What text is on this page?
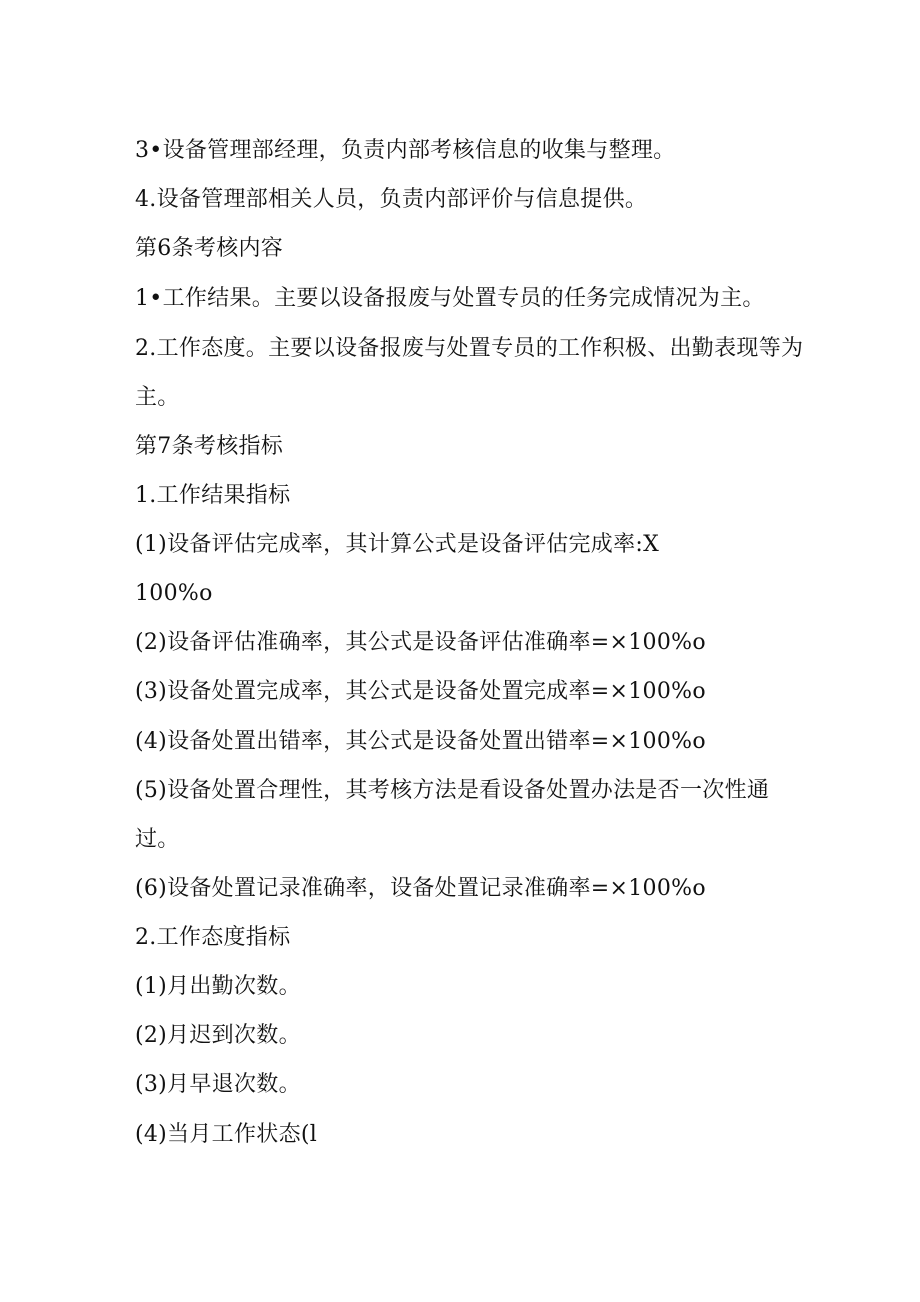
3•设备管理部经理，负责内部考核信息的收集与整理。

4.设备管理部相关人员，负责内部评价与信息提供。

第6条考核内容

1•工作结果。主要以设备报废与处置专员的任务完成情况为主。

2.工作态度。主要以设备报废与处置专员的工作积极、出勤表现等为

主。

第7条考核指标

1.工作结果指标

(1)设备评估完成率，其计算公式是设备评估完成率:X

100%o

(2)设备评估准确率，其公式是设备评估准确率=×100%o

(3)设备处置完成率，其公式是设备处置完成率=×100%o

(4)设备处置出错率，其公式是设备处置出错率=×100%o

(5)设备处置合理性，其考核方法是看设备处置办法是否一次性通

过。

(6)设备处置记录准确率，设备处置记录准确率=×100%o

2.工作态度指标

(1)月出勤次数。

(2)月迟到次数。

(3)月早退次数。

(4)当月工作状态(l
